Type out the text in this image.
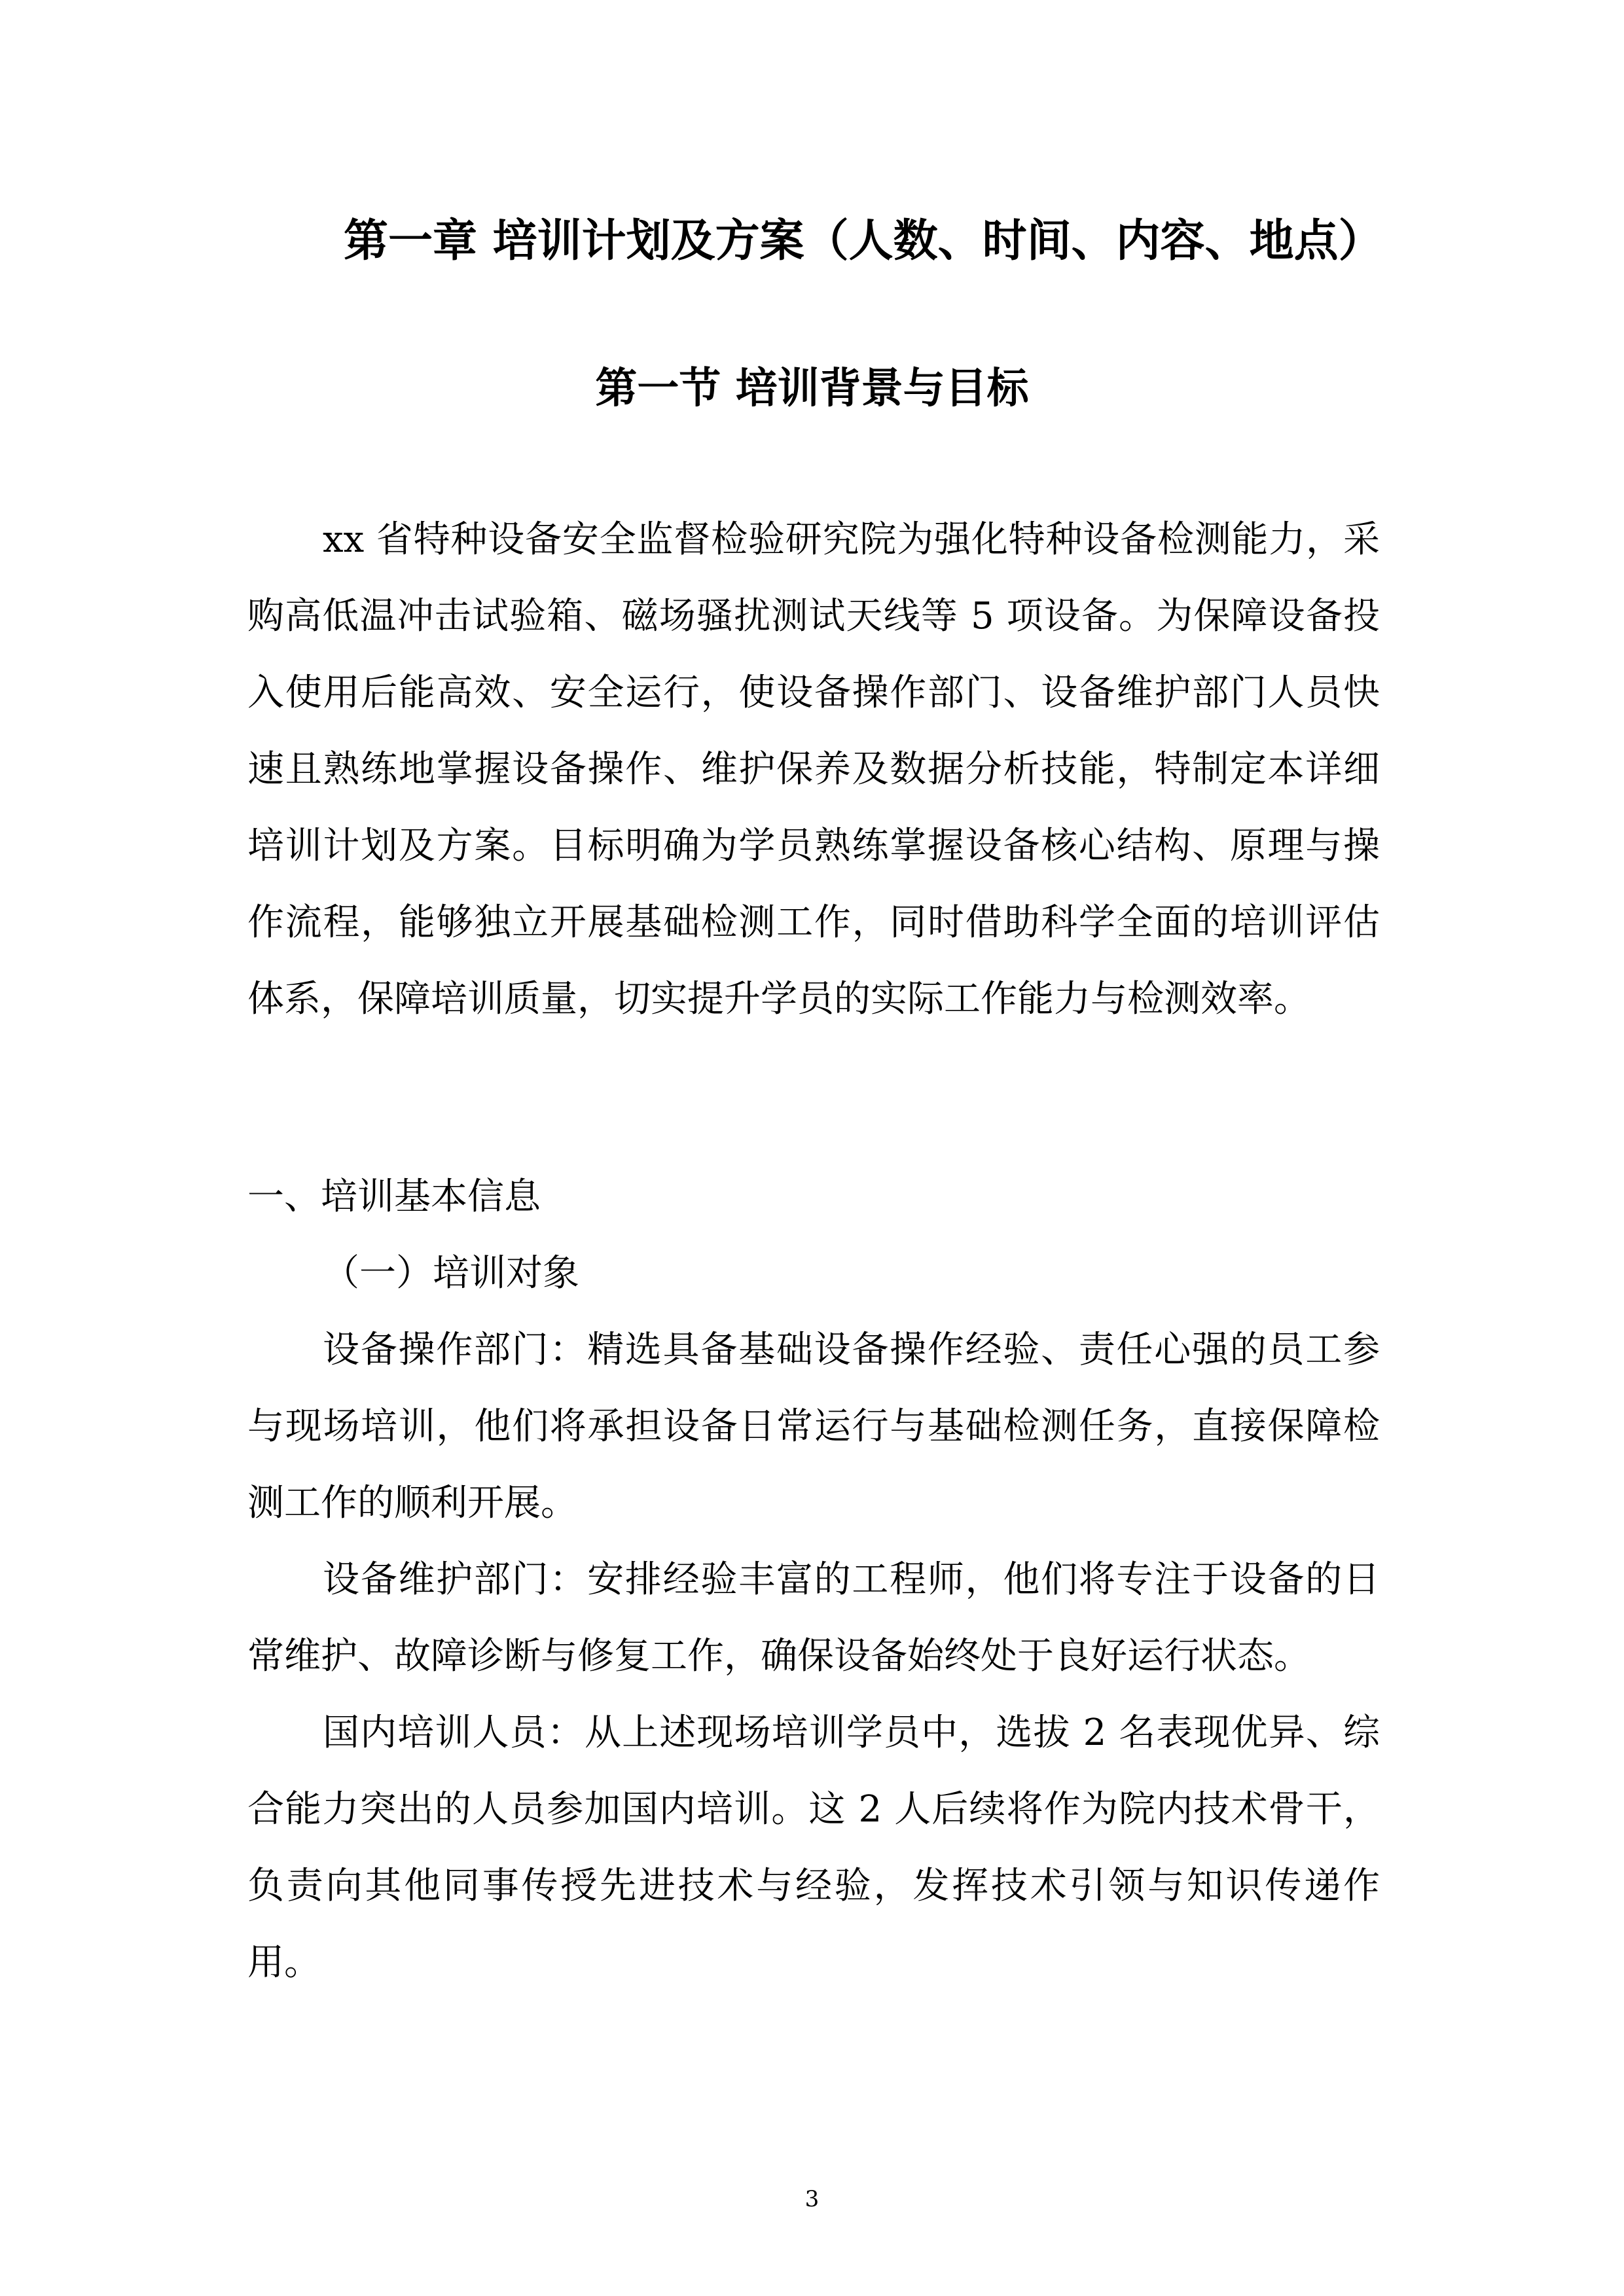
第一章 培训计划及方案（人数、时间、内容、地点）
第一节 培训背景与目标

xx 省特种设备安全监督检验研究院为强化特种设备检测能力，采购高低温冲击试验箱、磁场骚扰测试天线等 5 项设备。为保障设备投入使用后能高效、安全运行，使设备操作部门、设备维护部门人员快速且熟练地掌握设备操作、维护保养及数据分析技能，特制定本详细培训计划及方案。目标明确为学员熟练掌握设备核心结构、原理与操作流程，能够独立开展基础检测工作，同时借助科学全面的培训评估体系，保障培训质量，切实提升学员的实际工作能力与检测效率。

一、培训基本信息
（一）培训对象

设备操作部门：精选具备基础设备操作经验、责任心强的员工参与现场培训，他们将承担设备日常运行与基础检测任务，直接保障检测工作的顺利开展。

设备维护部门：安排经验丰富的工程师，他们将专注于设备的日常维护、故障诊断与修复工作，确保设备始终处于良好运行状态。

国内培训人员：从上述现场培训学员中，选拔 2 名表现优异、综合能力突出的人员参加国内培训。这 2 人后续将作为院内技术骨干，负责向其他同事传授先进技术与经验，发挥技术引领与知识传递作用。

3
